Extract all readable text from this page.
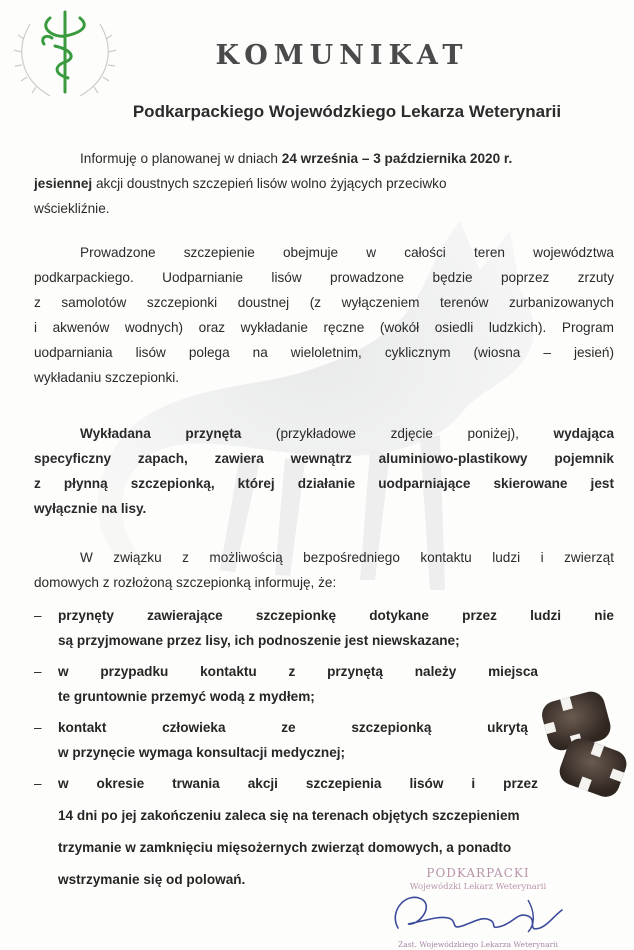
KOMUNIKAT
Podkarpackiego Wojewódzkiego Lekarza Weterynarii
Informuję o planowanej w dniach 24 września – 3 października 2020 r.
jesiennej akcji doustnych szczepień lisów wolno żyjących przeciwko
wściekliźnie.
Prowadzone szczepienie obejmuje w całości teren województwa
podkarpackiego. Uodparnianie lisów prowadzone będzie poprzez zrzuty
z samolotów szczepionki doustnej (z wyłączeniem terenów zurbanizowanych
i akwenów wodnych) oraz wykładanie ręczne (wokół osiedli ludzkich). Program
uodparniania lisów polega na wieloletnim, cyklicznym (wiosna – jesień)
wykładaniu szczepionki.
Wykładana przynęta (przykładowe zdjęcie poniżej), wydająca
specyficzny zapach, zawiera wewnątrz aluminiowo-plastikowy pojemnik
z płynną szczepionką, której działanie uodparniające skierowane jest
wyłącznie na lisy.
W związku z możliwością bezpośredniego kontaktu ludzi i zwierząt
domowych z rozłożoną szczepionką informuję, że:
– przynęty zawierające szczepionkę dotykane przez ludzi nie
są przyjmowane przez lisy, ich podnoszenie jest niewskazane;
– w przypadku kontaktu z przynętą należy miejsca
te gruntownie przemyć wodą z mydłem;
– kontakt	człowieka	ze	szczepionką	ukrytą
w przynęcie wymaga konsultacji medycznej;
– w okresie trwania akcji szczepienia lisów i przez
14 dni po jej zakończeniu zaleca się na terenach objętych szczepieniem
trzymanie w zamknięciu mięsożernych zwierząt domowych, a ponadto
wstrzymanie się od polowań.	PODKARPACKI
Wojewódzki Lekarz Weterynarii
Zast. Wojewódzkiego Lekarza Weterynarii
